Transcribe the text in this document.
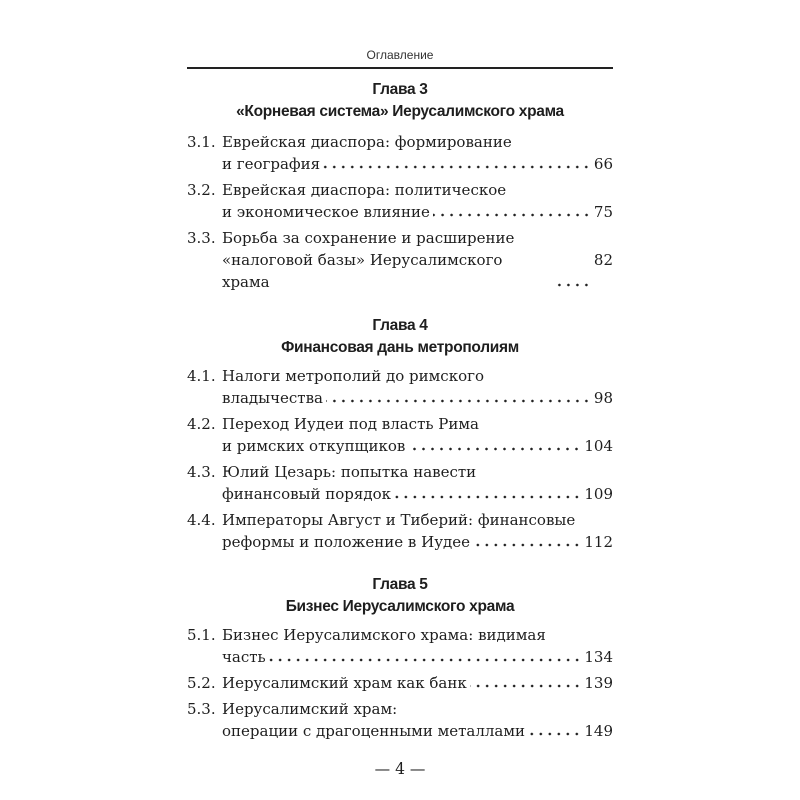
Оглавление
Глава 3
«Корневая система» Иерусалимского храма
3.1. Еврейская диаспора: формирование
и география	66
3.2. Еврейская диаспора: политическое
и экономическое влияние	75
3.3. Борьба за сохранение и расширение
«налоговой базы» Иерусалимского храма
82
Глава 4
Финансовая дань метрополиям
4.1. Налоги метрополий до римского
владычества	98
4.2. Переход Иудеи под власть Рима
и римских откупщиков	104
4.3. Юлий Цезарь: попытка навести
финансовый порядок	109
4.4. Императоры Август и Тиберий: финансовые
реформы и положение в Иудее	112
Глава 5
Бизнес Иерусалимского храма
5.1. Бизнес Иерусалимского храма: видимая
часть	134
5.2. Иерусалимский храм как банк	139
5.3. Иерусалимский храм:
операции с драгоценными металлами	149
— 4 —
